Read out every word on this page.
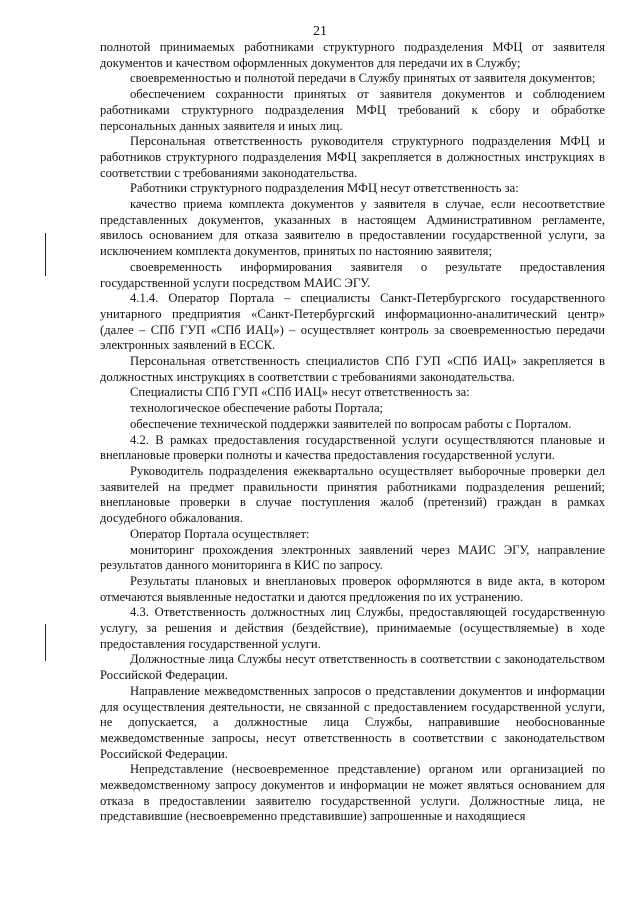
21

полнотой принимаемых работниками структурного подразделения МФЦ от заявителя документов и качеством оформленных документов для передачи их в Службу;

своевременностью и полнотой передачи в Службу принятых от заявителя документов;

обеспечением сохранности принятых от заявителя документов и соблюдением работниками структурного подразделения МФЦ требований к сбору и обработке персональных данных заявителя и иных лиц.

Персональная ответственность руководителя структурного подразделения МФЦ и работников структурного подразделения МФЦ закрепляется в должностных инструкциях в соответствии с требованиями законодательства.

Работники структурного подразделения МФЦ несут ответственность за:

качество приема комплекта документов у заявителя в случае, если несоответствие представленных документов, указанных в настоящем Административном регламенте, явилось основанием для отказа заявителю в предоставлении государственной услуги, за исключением комплекта документов, принятых по настоянию заявителя;

своевременность информирования заявителя о результате предоставления государственной услуги посредством МАИС ЭГУ.

4.1.4. Оператор Портала – специалисты Санкт-Петербургского государственного унитарного предприятия «Санкт-Петербургский информационно-аналитический центр» (далее – СПб ГУП «СПб ИАЦ») – осуществляет контроль за своевременностью передачи электронных заявлений в ЕССК.

Персональная ответственность специалистов СПб ГУП «СПб ИАЦ» закрепляется в должностных инструкциях в соответствии с требованиями законодательства.

Специалисты СПб ГУП «СПб ИАЦ» несут ответственность за:

технологическое обеспечение работы Портала;

обеспечение технической поддержки заявителей по вопросам работы с Порталом.

4.2. В рамках предоставления государственной услуги осуществляются плановые и внеплановые проверки полноты и качества предоставления государственной услуги.

Руководитель подразделения ежеквартально осуществляет выборочные проверки дел заявителей на предмет правильности принятия работниками подразделения решений; внеплановые проверки в случае поступления жалоб (претензий) граждан в рамках досудебного обжалования.

Оператор Портала осуществляет:

мониторинг прохождения электронных заявлений через МАИС ЭГУ, направление результатов данного мониторинга в КИС по запросу.

Результаты плановых и внеплановых проверок оформляются в виде акта, в котором отмечаются выявленные недостатки и даются предложения по их устранению.

4.3. Ответственность должностных лиц Службы, предоставляющей государственную услугу, за решения и действия (бездействие), принимаемые (осуществляемые) в ходе предоставления государственной услуги.

Должностные лица Службы несут ответственность в соответствии с законодательством Российской Федерации.

Направление межведомственных запросов о представлении документов и информации для осуществления деятельности, не связанной с предоставлением государственной услуги, не допускается, а должностные лица Службы, направившие необоснованные межведомственные запросы, несут ответственность в соответствии с законодательством Российской Федерации.

Непредставление (несвоевременное представление) органом или организацией по межведомственному запросу документов и информации не может являться основанием для отказа в предоставлении заявителю государственной услуги. Должностные лица, не представившие (несвоевременно представившие) запрошенные и находящиеся
